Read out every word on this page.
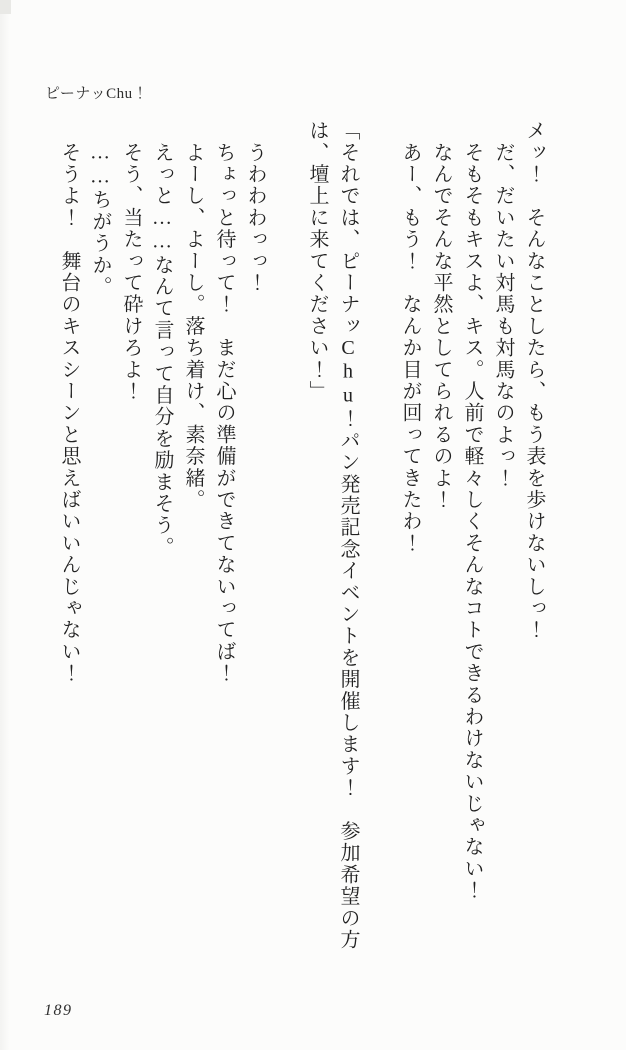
ピーナッChu！

メッ！　そんなことしたら、もう表を歩けないしっ！

　だ、だいたい対馬も対馬なのよっ！

　そもそもキスよ、キス。人前で軽々しくそんなコトできるわけないじゃない！

　なんでそんな平然としてられるのよ！

　あー、もう！　なんか目が回ってきたわ！

「それでは、ピーナッChu！パン発売記念イベントを開催します！　参加希望の方は、壇上に来てください！」

　うわわわっっ！

　ちょっと待って！　まだ心の準備ができてないってば！

　よーし、よーし。落ち着け、素奈緒。

　えっと……なんて言って自分を励まそう。

　そう、当たって砕けろよ！

　……ちがうか。

　そうよ！　舞台のキスシーンと思えばいいんじゃない！

189
